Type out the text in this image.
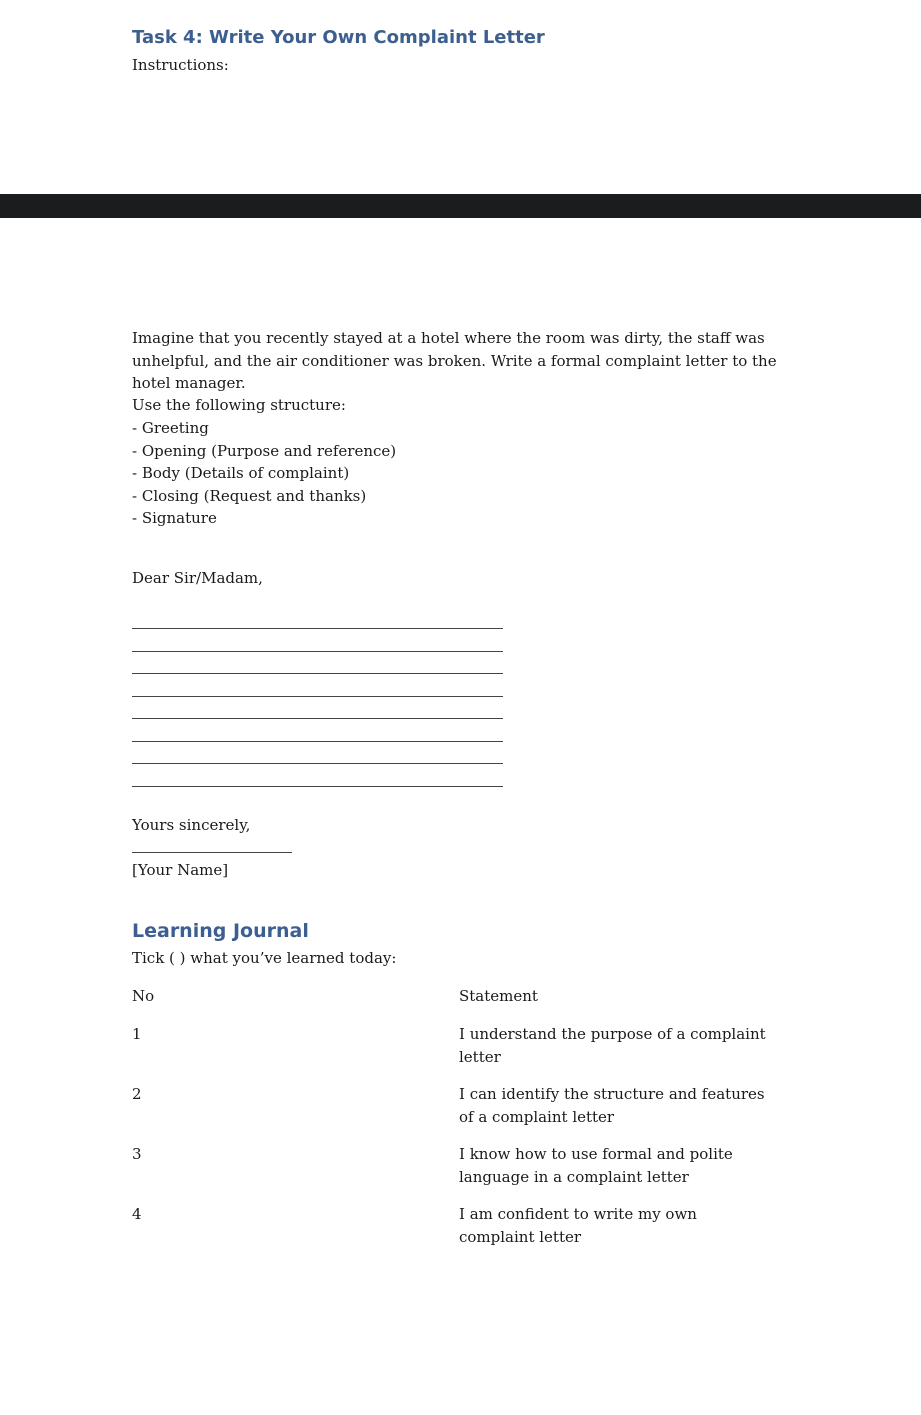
Task 4: Write Your Own Complaint Letter

Instructions:

Imagine that you recently stayed at a hotel where the room was dirty, the staff was unhelpful, and the air conditioner was broken. Write a formal complaint letter to the hotel manager.

Use the following structure:

- Greeting
- Opening (Purpose and reference)
- Body (Details of complaint)
- Closing (Request and thanks)
- Signature

Dear Sir/Madam,

Yours sincerely,

[Your Name]

Learning Journal

Tick ( ) what you’ve learned today:

No	Statement
1	I understand the purpose of a complaint letter
2	I can identify the structure and features of a complaint letter
3	I know how to use formal and polite language in a complaint letter
4	I am confident to write my own complaint letter
